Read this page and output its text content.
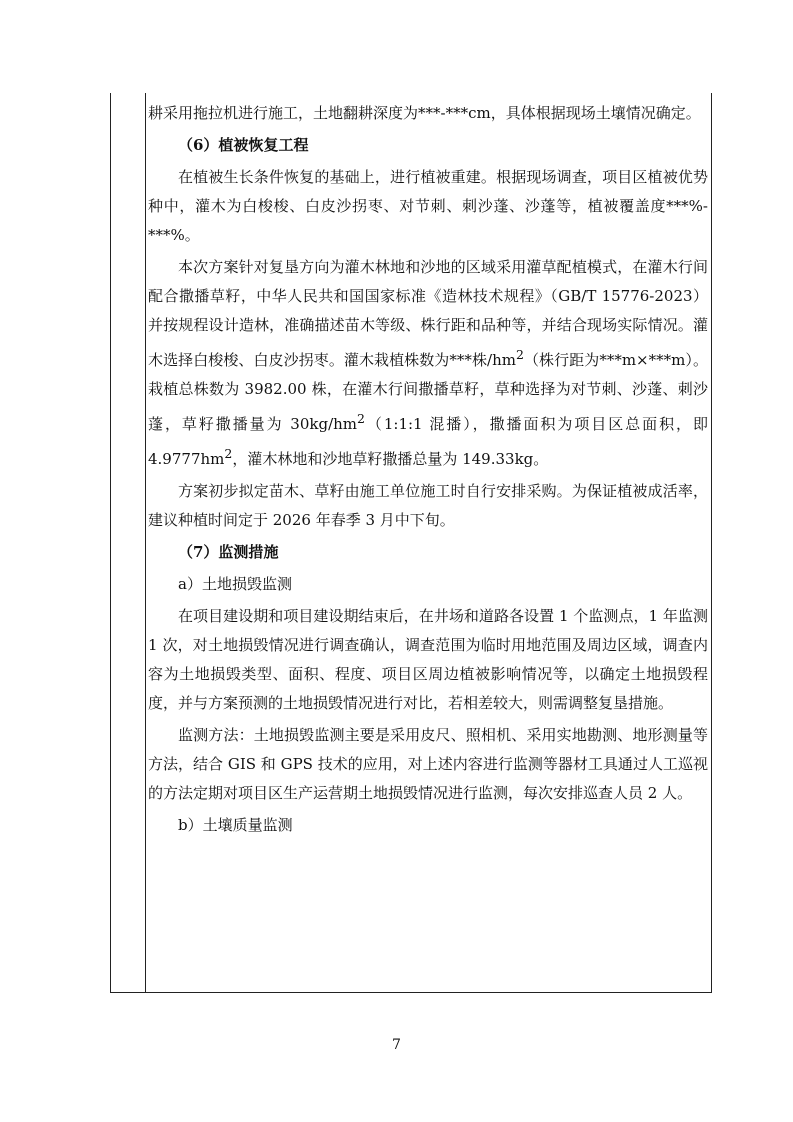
耕采用拖拉机进行施工，土地翻耕深度为***-***cm，具体根据现场土壤情况确定。

（6）植被恢复工程

在植被生长条件恢复的基础上，进行植被重建。根据现场调查，项目区植被优势种中，灌木为白梭梭、白皮沙拐枣、对节刺、刺沙蓬、沙蓬等，植被覆盖度***%-***%。

本次方案针对复垦方向为灌木林地和沙地的区域采用灌草配植模式，在灌木行间配合撒播草籽，中华人民共和国国家标准《造林技术规程》（GB/T 15776-2023）并按规程设计造林，准确描述苗木等级、株行距和品种等，并结合现场实际情况。灌木选择白梭梭、白皮沙拐枣。灌木栽植株数为***株$/hm^2$（株行距为***m×***m）。栽植总株数为 3982.00 株，在灌木行间撒播草籽，草种选择为对节刺、沙蓬、刺沙蓬，草籽撒播量为 $30kg/hm^2(1:1:1$ 混播），撒播面积为项目区总面积，即 $4.9777hm^2$，灌木林地和沙地草籽撒播总量为 149.33kg。

方案初步拟定苗木、草籽由施工单位施工时自行安排采购。为保证植被成活率，建议种植时间定于 2026 年春季 3 月中下旬。

（7）监测措施

a）土地损毁监测

在项目建设期和项目建设期结束后，在井场和道路各设置 1 个监测点，1 年监测 1 次，对土地损毁情况进行调查确认，调查范围为临时用地范围及周边区域，调查内容为土地损毁类型、面积、程度、项目区周边植被影响情况等，以确定土地损毁程度，并与方案预测的土地损毁情况进行对比，若相差较大，则需调整复垦措施。

监测方法：土地损毁监测主要是采用皮尺、照相机、采用实地勘测、地形测量等方法，结合 GIS 和 GPS 技术的应用，对上述内容进行监测等器材工具通过人工巡视的方法定期对项目区生产运营期土地损毁情况进行监测，每次安排巡查人员 2 人。

b）土壤质量监测

7
